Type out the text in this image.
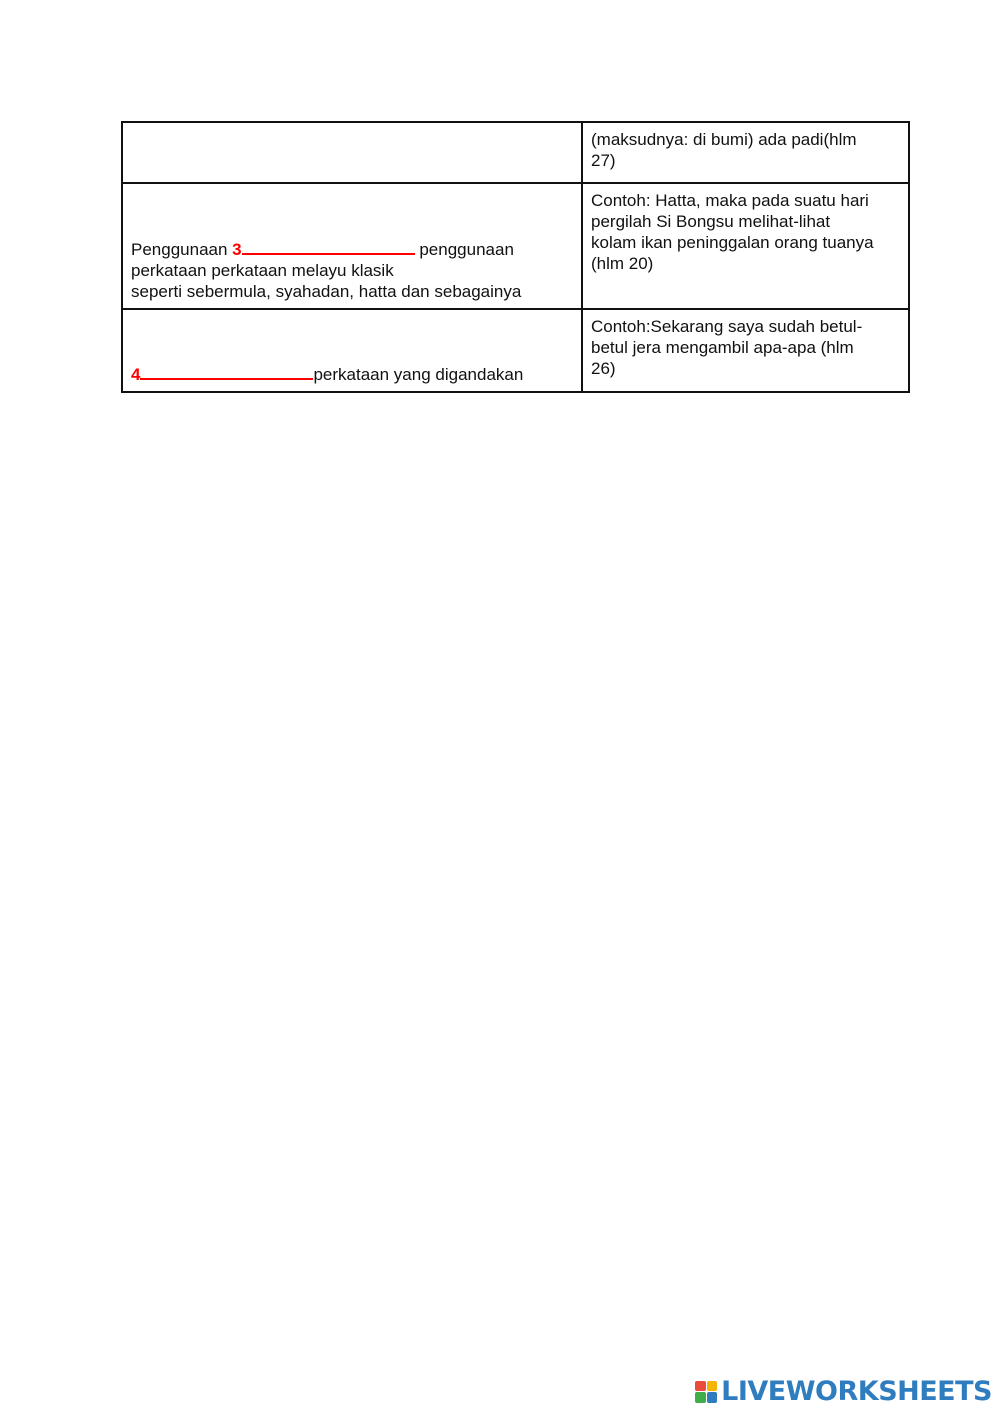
	(maksudnya: di bumi) ada padi(hlm
27)

Penggunaan 3 penggunaan
perkataan perkataan melayu klasik
seperti sebermula, syahadan, hatta dan sebagainya	Contoh: Hatta, maka pada suatu hari
pergilah Si Bongsu melihat-lihat
kolam ikan peninggalan orang tuanya
(hlm 20)

4 perkataan yang digandakan	Contoh:Sekarang saya sudah betul-
betul jera mengambil apa-apa (hlm
26)
LIVEWORKSHEETS
